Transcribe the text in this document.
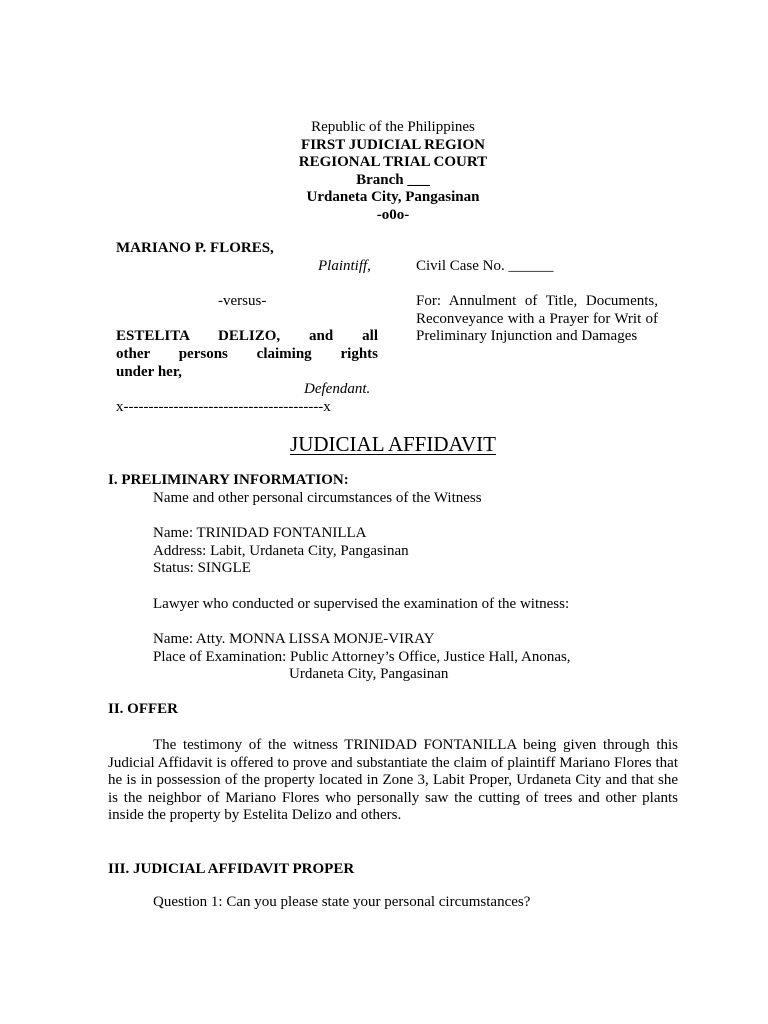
Republic of the Philippines
FIRST JUDICIAL REGION
REGIONAL TRIAL COURT
Branch ___
Urdaneta City, Pangasinan
-o0o-
MARIANO P. FLORES,
Plaintiff,
-versus-
ESTELITA DELIZO, and all
other persons claiming rights
under her,
Defendant.
x----------------------------------------x
Civil Case No. ______
For: Annulment of Title, Documents, Reconveyance with a Prayer for Writ of Preliminary Injunction and Damages
JUDICIAL AFFIDAVIT
I. PRELIMINARY INFORMATION:
Name and other personal circumstances of the Witness
Name: TRINIDAD FONTANILLA
Address: Labit, Urdaneta City, Pangasinan
Status: SINGLE
Lawyer who conducted or supervised the examination of the witness:
Name: Atty. MONNA LISSA MONJE-VIRAY
Place of Examination: Public Attorney’s Office, Justice Hall, Anonas,
Urdaneta City, Pangasinan
II. OFFER
The testimony of the witness TRINIDAD FONTANILLA being given through this Judicial Affidavit is offered to prove and substantiate the claim of plaintiff Mariano Flores that he is in possession of the property located in Zone 3, Labit Proper, Urdaneta City and that she is the neighbor of Mariano Flores who personally saw the cutting of trees and other plants inside the property by Estelita Delizo and others.
III. JUDICIAL AFFIDAVIT PROPER
Question 1: Can you please state your personal circumstances?
